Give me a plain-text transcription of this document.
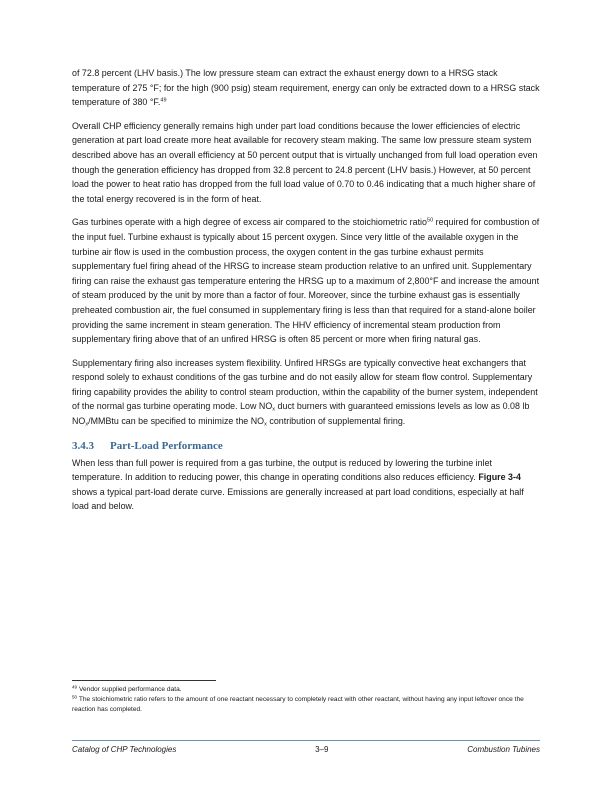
of 72.8 percent (LHV basis.) The low pressure steam can extract the exhaust energy down to a HRSG stack temperature of 275 °F; for the high (900 psig) steam requirement, energy can only be extracted down to a HRSG stack temperature of 380 °F.$^{49}$

Overall CHP efficiency generally remains high under part load conditions because the lower efficiencies of electric generation at part load create more heat available for recovery steam making. The same low pressure steam system described above has an overall efficiency at 50 percent output that is virtually unchanged from full load operation even though the generation efficiency has dropped from 32.8 percent to 24.8 percent (LHV basis.) However, at 50 percent load the power to heat ratio has dropped from the full load value of 0.70 to 0.46 indicating that a much higher share of the total energy recovered is in the form of heat.

Gas turbines operate with a high degree of excess air compared to the stoichiometric ratio$^{50}$ required for combustion of the input fuel. Turbine exhaust is typically about 15 percent oxygen. Since very little of the available oxygen in the turbine air flow is used in the combustion process, the oxygen content in the gas turbine exhaust permits supplementary fuel firing ahead of the HRSG to increase steam production relative to an unfired unit. Supplementary firing can raise the exhaust gas temperature entering the HRSG up to a maximum of 2,800°F and increase the amount of steam produced by the unit by more than a factor of four. Moreover, since the turbine exhaust gas is essentially preheated combustion air, the fuel consumed in supplementary firing is less than that required for a stand-alone boiler providing the same increment in steam generation. The HHV efficiency of incremental steam production from supplementary firing above that of an unfired HRSG is often 85 percent or more when firing natural gas.

Supplementary firing also increases system flexibility. Unfired HRSGs are typically convective heat exchangers that respond solely to exhaust conditions of the gas turbine and do not easily allow for steam flow control. Supplementary firing capability provides the ability to control steam production, within the capability of the burner system, independent of the normal gas turbine operating mode. Low $NO_x$ duct burners with guaranteed emissions levels as low as 0.08 lb $NO_x$/MMBtu can be specified to minimize the $NO_x$ contribution of supplemental firing.

3.4.3 Part-Load Performance

When less than full power is required from a gas turbine, the output is reduced by lowering the turbine inlet temperature. In addition to reducing power, this change in operating conditions also reduces efficiency. Figure 3-4 shows a typical part-load derate curve. Emissions are generally increased at part load conditions, especially at half load and below.

$^{49}$ Vendor supplied performance data.

$^{50}$ The stoichiometric ratio refers to the amount of one reactant necessary to completely react with other reactant, without having any input leftover once the reaction has completed.

Catalog of CHP Technologies	3–9	Combustion Tubines
